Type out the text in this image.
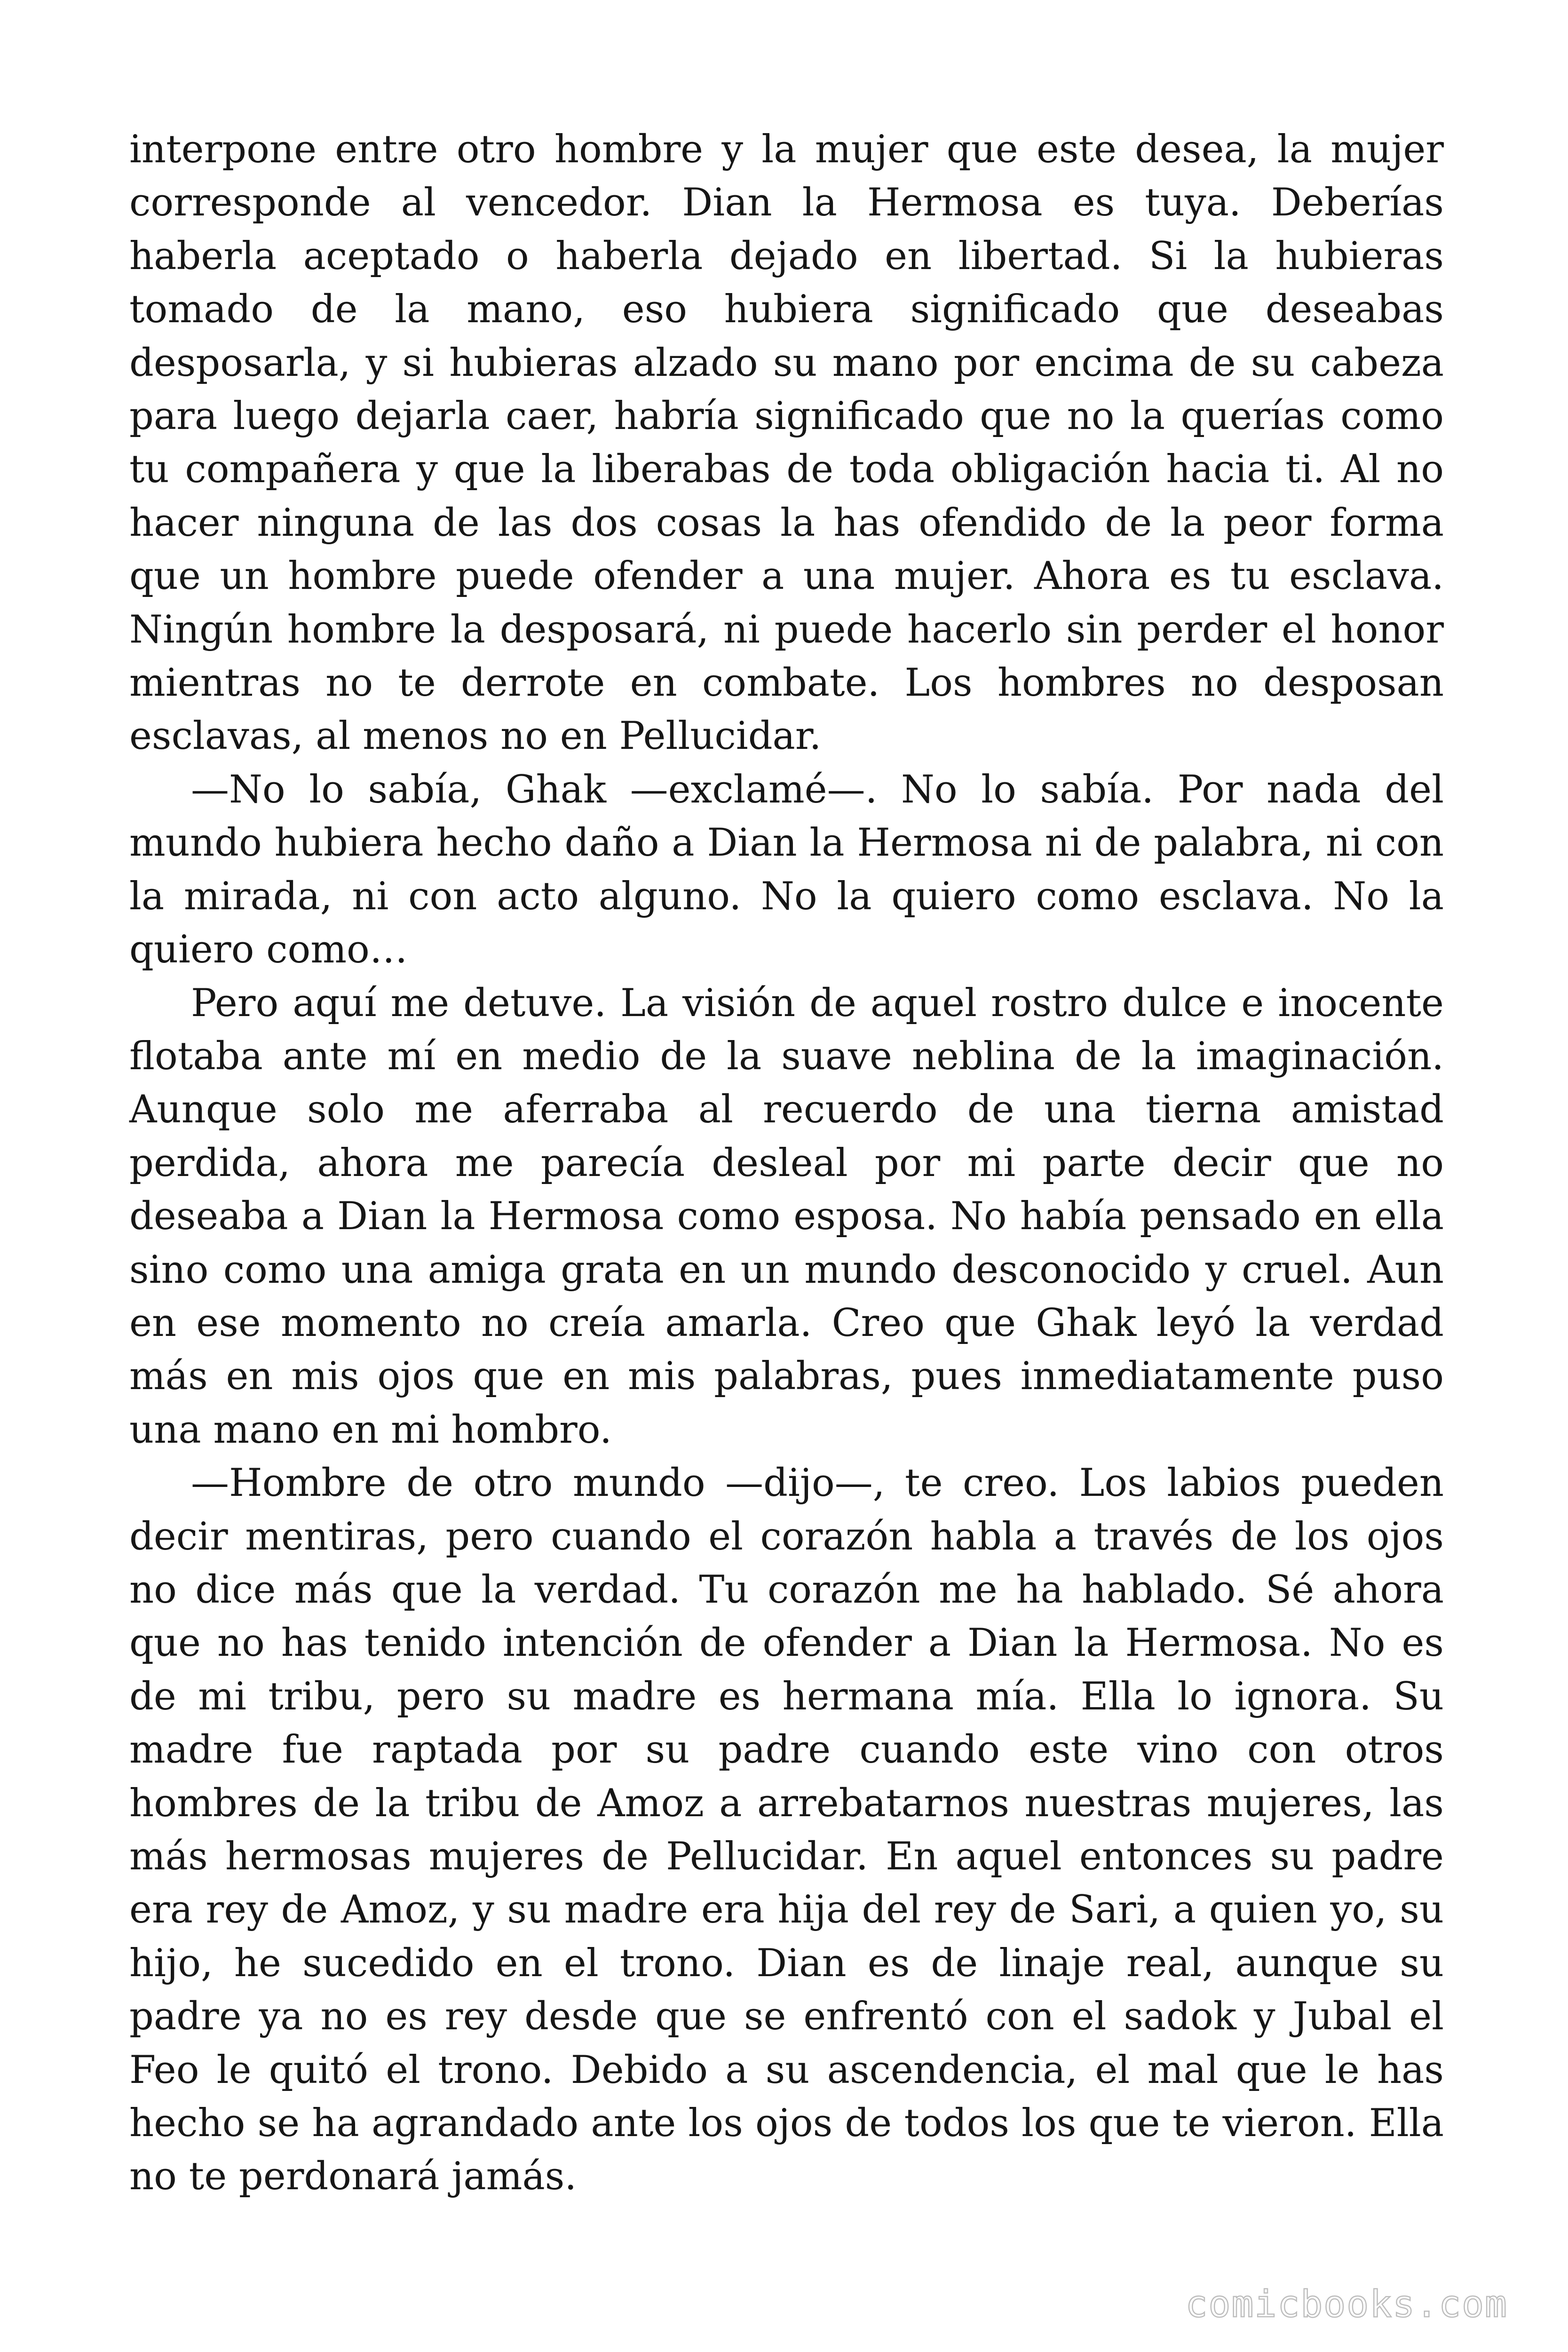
interpone entre otro hombre y la mujer que este desea, la mujer corresponde al vencedor. Dian la Hermosa es tuya. Deberías haberla aceptado o haberla dejado en libertad. Si la hubieras tomado de la mano, eso hubiera significado que deseabas desposarla, y si hubieras alzado su mano por encima de su cabeza para luego dejarla caer, habría significado que no la querías como tu compañera y que la liberabas de toda obligación hacia ti. Al no hacer ninguna de las dos cosas la has ofendido de la peor forma que un hombre puede ofender a una mujer. Ahora es tu esclava. Ningún hombre la desposará, ni puede hacerlo sin perder el honor mientras no te derrote en combate. Los hombres no desposan esclavas, al menos no en Pellucidar.

—No lo sabía, Ghak —exclamé—. No lo sabía. Por nada del mundo hubiera hecho daño a Dian la Hermosa ni de palabra, ni con la mirada, ni con acto alguno. No la quiero como esclava. No la quiero como…

Pero aquí me detuve. La visión de aquel rostro dulce e inocente flotaba ante mí en medio de la suave neblina de la imaginación. Aunque solo me aferraba al recuerdo de una tierna amistad perdida, ahora me parecía desleal por mi parte decir que no deseaba a Dian la Hermosa como esposa. No había pensado en ella sino como una amiga grata en un mundo desconocido y cruel. Aun en ese momento no creía amarla. Creo que Ghak leyó la verdad más en mis ojos que en mis palabras, pues inmediatamente puso una mano en mi hombro.

—Hombre de otro mundo —dijo—, te creo. Los labios pueden decir mentiras, pero cuando el corazón habla a través de los ojos no dice más que la verdad. Tu corazón me ha hablado. Sé ahora que no has tenido intención de ofender a Dian la Hermosa. No es de mi tribu, pero su madre es hermana mía. Ella lo ignora. Su madre fue raptada por su padre cuando este vino con otros hombres de la tribu de Amoz a arrebatarnos nuestras mujeres, las más hermosas mujeres de Pellucidar. En aquel entonces su padre era rey de Amoz, y su madre era hija del rey de Sari, a quien yo, su hijo, he sucedido en el trono. Dian es de linaje real, aunque su padre ya no es rey desde que se enfrentó con el sadok y Jubal el Feo le quitó el trono. Debido a su ascendencia, el mal que le has hecho se ha agrandado ante los ojos de todos los que te vieron. Ella no te perdonará jamás.

comicbooks.com
